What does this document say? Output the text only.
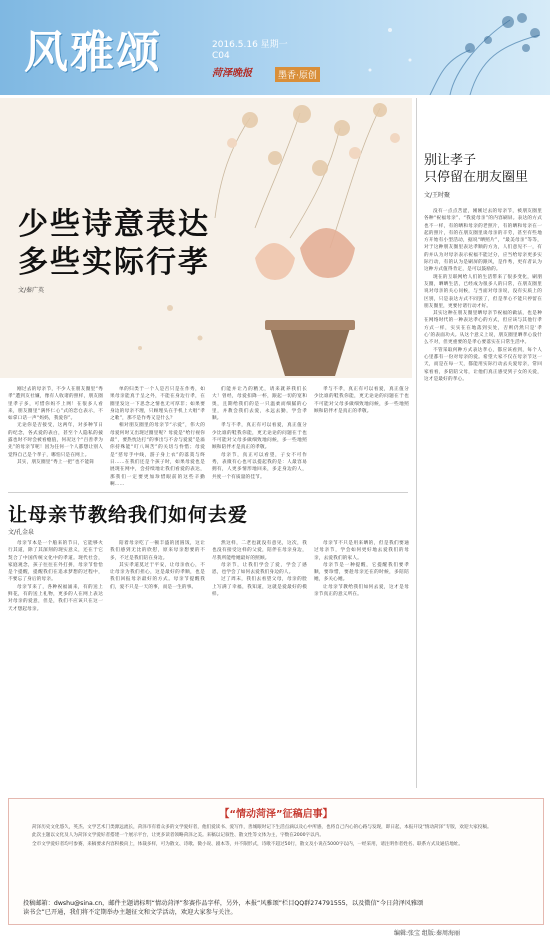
风雅颂	2016.5.16 星期一
C04
菏泽晚报	墨香·原创
少些诗意表达
多些实际行孝
文/秦广英
别让孝子
只停留在朋友圈里
文/王时聚

没有一点点苦涩，刚刚过去的母亲节，被朋友圈里各种“祝福母亲”、“我爱母亲”的内容刷屏。表达的方式也不一样，有的晒和母亲的老照片，有的晒和母亲在一起的照片，有的在朋友圈里谈母亲的辛劳，甚至有些地方开始有小型活动，据说“晒照片”，“最美母亲”等等，对于这种朋友圈里表达孝顺的方为，人们意见不一，有的并认为对母亲表示祝福不能过分，应当给母亲更多实际行动，有的认为是刷屏的跟风，是作秀，更有者认为这种方式值得肯定，是可以鼓励的。

现在的互联网给人们的生活带来了很多变化，刷朋友圈，晒晒生活，已经成为很多人的日常，在朋友圈里说对母亲的关心问候，与当面对母亲说，没有实质上的区别，只是表达方式不同罢了，但是孝心不能只停留在朋友圈里，更要付诸行动才好。

其实这种在朋友圈里晒母亲节祝福的做法，也是种在网络时代的一种表达孝心的方式，但应该与其他行孝方式一样，实实在在地落到实处，否则仍然只是‘孝心’的表面功夫。从这个意义上说，朋友圈里晒孝心没什么不对，但更重要的是孝心要落实在日常生活中。

不管采取何种方式表达孝心，都应该看到，每个人心里都有一份对母亲的爱。希望大家不仅在母亲节这一天，而是在每一天，都能用实际行动去关爱母亲，常回家看看，多陪陪父母，让他们真正感受到子女的关爱，这才是最好的孝心。

刚过去的母亲节，不少人在朋友圈里“秀孝”遭到友社嫌，像有人收诸的照样，朋友圈里孝子多，可惜你妈不上网！在很多人看来，朋友圈里“满怀仁心”式的恋仓表示，不如拿口话一声“妈妈，我爱你”。

无论你是否接受，这两年，对多种节日的纪念，各式爱的表白，甚至个人隐私的披露也时不时会被看瘾值，何况这个“百善孝为先”的母亲节呢！因为任何一个人都想让别人觉得自己是个孝子，哪怕只是在网上。

其实，朋友圈里“秀上一把”也不能简

单的归类于一个人是否只是在作秀，如果母亲能真于呈之外，不能在身边行孝，在圈里发这一下思念之情也无可厚非；如果要身边的母亲不理，只顾埋头在手机上大唱“孝之歌”，那不是作秀又是什么？

相对朋友圈里的母亲节“示爱”，伟大的母爱何时又出现过圈里呢？母爱是“给行视你最”，要热忱达打“的事出与不舍与爱爱”是溢你持殊能“叮八叫苦”的关切与怜惜；母爱是“慈母手中线，游子身上衣”的落寞与终日……在我们还是个孩子时，如果母爱也是展现在网中，会持续地让我们看爱的表达，那我们一定要更加珍惜眼前的这些辛勤啊……

们能并让乃的精光，请来就养我们长大！曾经，母爱扣降一杯，跟起一切的宽和奥，且期给我们的是一只温柔而细腻的心里，并教会我们去爱，永远去勤，学会孝顺。

孝与不孝，真正有可以看爱，真正值分少比谁的鞋我你能，更无论论的问题在于也不可能对父母多做细致地问候，多一些地照顾和陪伴才是真正的孝敬。

母亲节，真正可以看望，子女不可作秀，表微有心也可以提起我的是：人最容易拥有，人更多情形地回来，多走身边的人，共度一个有质量的佳节。

孝与不孝，真正有可以看爱，真正值分少比谁的鞋我你能，更无论论的问题在于也不可能对父母多做细致地问候，多一些地照顾和陪伴才是真正的孝敬。

让母亲节教给我们如何去爱
文/孔金泉

母亲节本是一个舶来的节日，它能够火行其道，除了其深刻的现实意义，还在于它契合了中国传统文化中的孝道。现代社会，家庭观念，孩子往往在外打拼，母亲节恰恰是个提醒，提醒我们在追求梦想的过程中，不要忘了身后的母亲。

母亲节来了，各种祝福涌来，有的送上鲜花，有的送上礼物，更多的人在网上表达对母亲的爱意，但是，我们不应该只在这一天才想起母亲。

陪着母亲吃了一顿丰盛的团圆饭，这让我们感到无比的欣慰，原来母亲想要的不多，不过是我们陪在身边。

其实孝道莫过于平安，让母亲放心，不让母亲为我们担心，这是最好的孝顺，也是我们回报母亲最好的方式。母亲节提醒我们，爱不只是一天的事，而是一生的事。

然这样，二老也就没有意见，这次，我也没有接受这样的父爱，陪伴在母亲身边，尽我所能给她最好的照顾。

母亲节，让我们学会了爱，学会了感恩，也学会了如何去爱我们身边的人。

过了周末，我们去看望父母，母亲的脸上写满了幸福，我知道，这就是爱最好的模样。

母亲节不只是用来晒的，但是我们要通过母亲节，学会如何更好地去爱我们的母亲，去爱我们的家人。

母亲节是一种提醒，它提醒我们要孝顺，要珍惜，要趁母亲还在的时候，多陪陪她，多关心她。

让母亲节教给我们如何去爱，这才是母亲节真正的意义所在。

【“情动菏泽”征稿启事】

菏泽历史文化悠久，英杰、文学艺术门类源远流长，菏泽市有着众多的文学爱好者，他们爱读书、爱写作，善城眼时记下生活点滴以及心中所感，也将自己内心的心路与发现，即日起，本报开设“情动菏泽”专版，欢迎大家投稿。

此次主题以文化及人为菏泽文学爱好者搭建一个展示平台，让更多读者领略菏泽之美。来稿以记叙性、散文性等文体为主，字数在2000字以内。

全市文学爱好者均可参赛，来稿要求内容积极向上，体裁多样，可为散文、诗歌、微小说、剧本等，并不限形式，诗歌不超过50行，散文及小说在5000字以内，一经采用，请注明作者姓名、联系方式及通信地址。

投稿邮箱：dwshu@sina.cn，邮件主题请标明“情动菏泽”参赛作品字样，另外，本报“风雅颂”栏目QQ群274791555，以及微信“今日菏泽风雅颂
读书会”已开通，我们将不定期举办主题征文和文学活动，欢迎大家参与关注。
编辑:张宝 组版:秦周海丽
